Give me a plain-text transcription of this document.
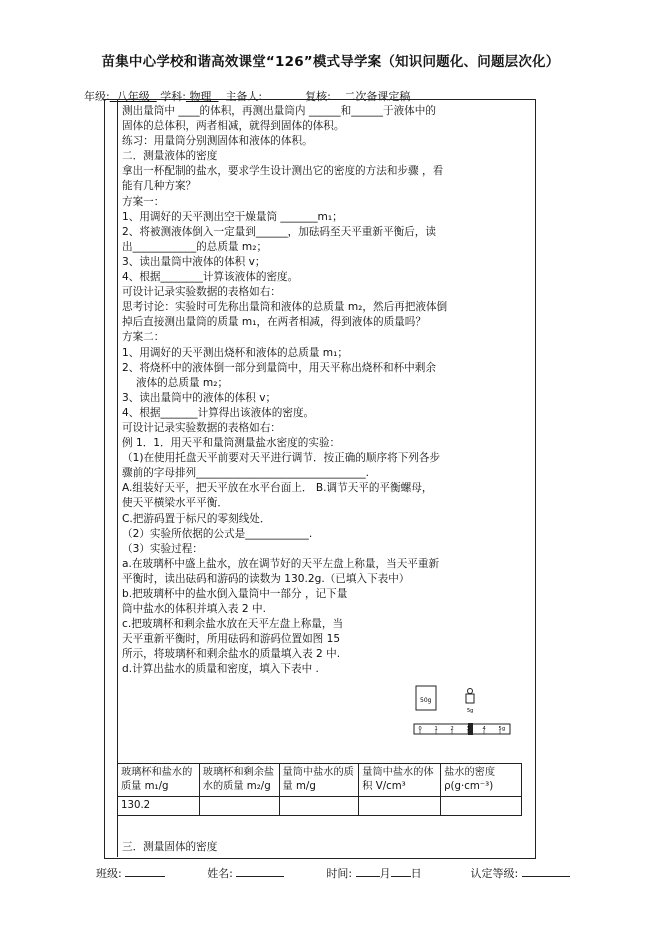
苗集中心学校和谐高效课堂“126”模式导学案（知识问题化、问题层次化）
年级: 八年级 学科: 物理 主备人:	复核: 二次备课定稿

测出量筒中 ____的体积，再测出量筒内 ______和______于液体中的

固体的总体积，两者相减，就得到固体的体积。

练习：用量筒分别测固体和液体的体积。

二．测量液体的密度

拿出一杯配制的盐水，要求学生设计测出它的密度的方法和步骤 ，看

能有几种方案？

方案一：

1、用调好的天平测出空干燥量筒 _______m₁；

2、将被测液体倒入一定量到______，加砝码至天平重新平衡后，读

出____________的总质量 m₂；

3、读出量筒中液体的体积 v；

4、根据________计算该液体的密度。

可设计记录实验数据的表格如右：

思考讨论：实验时可先称出量筒和液体的总质量 m₂，然后再把液体倒

掉后直接测出量筒的质量 m₁，在两者相减，得到液体的质量吗？

方案二：

1、用调好的天平测出烧杯和液体的总质量 m₁；

2、将烧杯中的液体倒一部分到量筒中，用天平称出烧杯和杯中剩余

液体的总质量 m₂；

3、读出量筒中的液体的体积 v；

4、根据_______计算得出该液体的密度。

可设计记录实验数据的表格如右：

例 1．1．用天平和量筒测量盐水密度的实验：

（1)在使用托盘天平前要对天平进行调节．按正确的顺序将下列各步

骤前的字母排列________________________________.

A.组装好天平，把天平放在水平台面上． B.调节天平的平衡螺母，

使天平横梁水平平衡．

C.把游码置于标尺的零刻线处．

（2）实验所依据的公式是____________.

（3）实验过程：

a.在玻璃杯中盛上盐水，放在调节好的天平左盘上称量，当天平重新

平衡时，读出砝码和游码的读数为 130.2g.（已填入下表中）

b.把玻璃杯中的盐水倒入量筒中一部分 ，记下量

筒中盐水的体积并填入表 2 中.

c.把玻璃杯和剩余盐水放在天平左盘上称量，当

天平重新平衡时，所用砝码和游码位置如图 15

所示，将玻璃杯和剩余盐水的质量填入表 2 中.

d.计算出盐水的质量和密度，填入下表中 .

50g
5g
0	1	2	3	4	5 g
玻璃杯和盐水的质量 m₁/g	玻璃杯和剩余盐水的质量 m₂/g	量筒中盐水的质量 m/g	量筒中盐水的体积 V/cm³	盐水的密度 ρ(g·cm⁻³)
130.2				
三．测量固体的密度
班级:	姓名:	时间:	月 日	认定等级:
